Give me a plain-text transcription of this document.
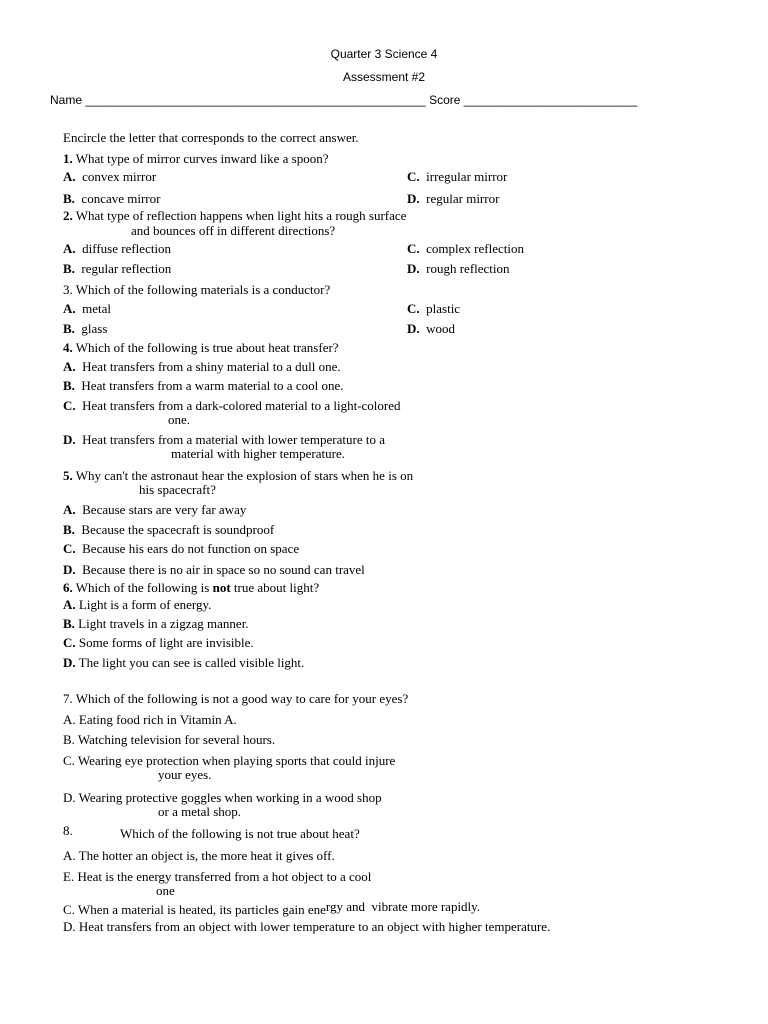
Quarter 3 Science 4
Assessment #2
Name ___________________________________________________ Score __________________________
Encircle the letter that corresponds to the correct answer.
1. What type of mirror curves inward like a spoon?
A. convex mirror	C. irregular mirror
B. concave mirror	D. regular mirror
2. What type of reflection happens when light hits a rough surface
and bounces off in different directions?
A. diffuse reflection	C. complex reflection
B. regular reflection	D. rough reflection
3. Which of the following materials is a conductor?
A. metal	C. plastic
B. glass	D. wood
4. Which of the following is true about heat transfer?
A. Heat transfers from a shiny material to a dull one.
B. Heat transfers from a warm material to a cool one.
C. Heat transfers from a dark-colored material to a light-colored
one.
D. Heat transfers from a material with lower temperature to a
material with higher temperature.
5. Why can't the astronaut hear the explosion of stars when he is on
his spacecraft?
A. Because stars are very far away
B. Because the spacecraft is soundproof
C. Because his ears do not function on space
D. Because there is no air in space so no sound can travel
6. Which of the following is not true about light?
A. Light is a form of energy.
B. Light travels in a zigzag manner.
C. Some forms of light are invisible.
D. The light you can see is called visible light.
7. Which of the following is not a good way to care for your eyes?
A. Eating food rich in Vitamin A.
B. Watching television for several hours.
C. Wearing eye protection when playing sports that could injure
your eyes.
D. Wearing protective goggles when working in a wood shop
or a metal shop.
8.	Which of the following is not true about heat?
A. The hotter an object is, the more heat it gives off.
E. Heat is the energy transferred from a hot object to a cool
one
C. When a material is heated, its particles gain energy and vibrate more rapidly.
D. Heat transfers from an object with lower temperature to an object with higher temperature.
